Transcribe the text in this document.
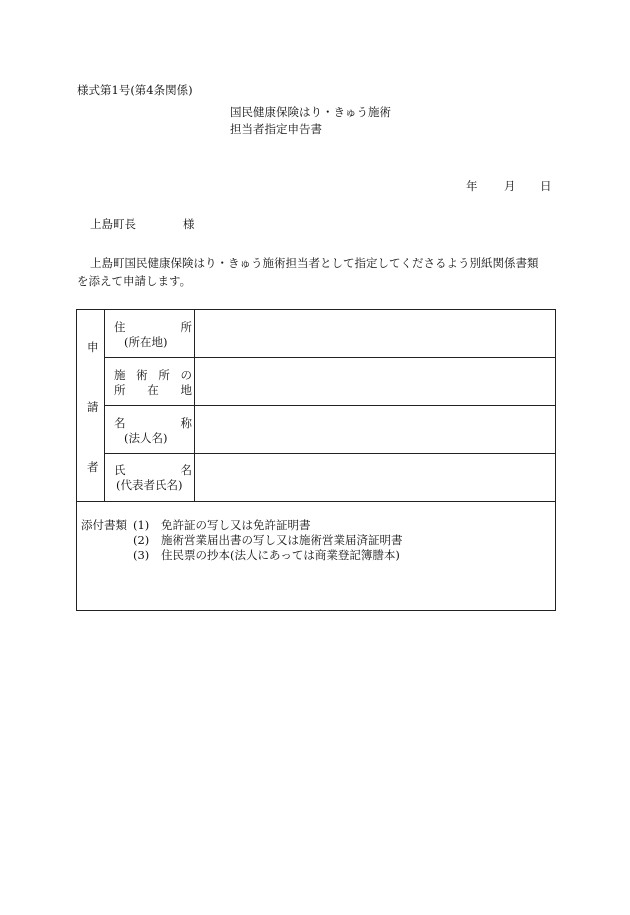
様式第1号(第4条関係)
国民健康保険はり・きゅう施術
担当者指定申告書
年 月 日
上島町長	様
上島町国民健康保険はり・きゅう施術担当者として指定してくださるよう別紙関係書類
を添えて申請します。
申
請
者
住	所
(所在地)
施 術 所 の
所 在 地
名	称
(法人名)
氏	名
(代表者氏名)
添付書類 (1) 免許証の写し又は免許証明書
(2) 施術営業届出書の写し又は施術営業届済証明書
(3) 住民票の抄本(法人にあっては商業登記簿謄本)
